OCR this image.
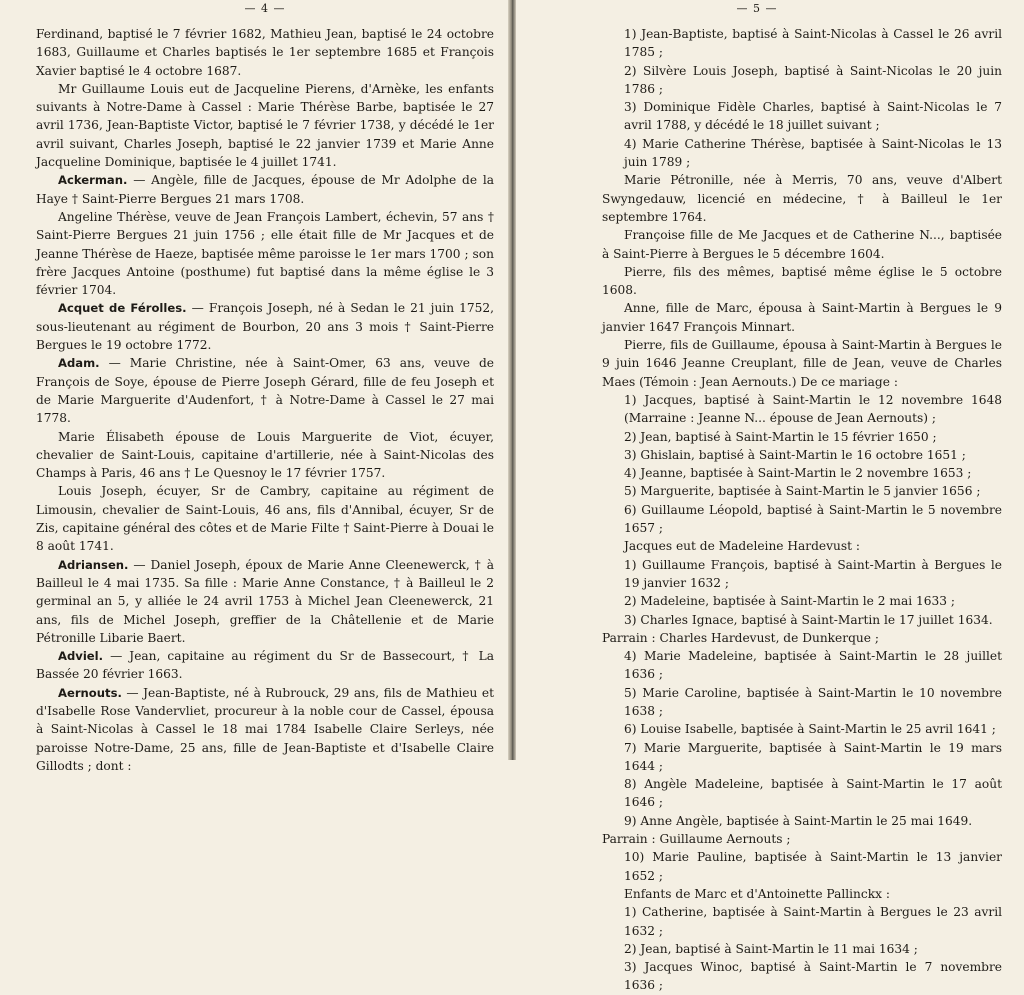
— 4 —

Ferdinand, baptisé le 7 février 1682, Mathieu Jean, baptisé le 24 octobre 1683, Guillaume et Charles baptisés le 1er septembre 1685 et François Xavier baptisé le 4 octobre 1687.

Mr Guillaume Louis eut de Jacqueline Pierens, d'Arnèke, les enfants suivants à Notre-Dame à Cassel : Marie Thérèse Barbe, baptisée le 27 avril 1736, Jean-Baptiste Victor, baptisé le 7 février 1738, y décédé le 1er avril suivant, Charles Joseph, baptisé le 22 janvier 1739 et Marie Anne Jacqueline Dominique, baptisée le 4 juillet 1741.

Ackerman. — Angèle, fille de Jacques, épouse de Mr Adolphe de la Haye † Saint-Pierre Bergues 21 mars 1708.

Angeline Thérèse, veuve de Jean François Lambert, échevin, 57 ans † Saint-Pierre Bergues 21 juin 1756 ; elle était fille de Mr Jacques et de Jeanne Thérèse de Haeze, baptisée même paroisse le 1er mars 1700 ; son frère Jacques Antoine (posthume) fut baptisé dans la même église le 3 février 1704.

Acquet de Férolles. — François Joseph, né à Sedan le 21 juin 1752, sous-lieutenant au régiment de Bourbon, 20 ans 3 mois † Saint-Pierre Bergues le 19 octobre 1772.

Adam. — Marie Christine, née à Saint-Omer, 63 ans, veuve de François de Soye, épouse de Pierre Joseph Gérard, fille de feu Joseph et de Marie Marguerite d'Audenfort, † à Notre-Dame à Cassel le 27 mai 1778.

Marie Élisabeth épouse de Louis Marguerite de Viot, écuyer, chevalier de Saint-Louis, capitaine d'artillerie, née à Saint-Nicolas des Champs à Paris, 46 ans † Le Quesnoy le 17 février 1757.

Louis Joseph, écuyer, Sr de Cambry, capitaine au régiment de Limousin, chevalier de Saint-Louis, 46 ans, fils d'Annibal, écuyer, Sr de Zis, capitaine général des côtes et de Marie Filte † Saint-Pierre à Douai le 8 août 1741.

Adriansen. — Daniel Joseph, époux de Marie Anne Cleenewerck, † à Bailleul le 4 mai 1735. Sa fille : Marie Anne Constance, † à Bailleul le 2 germinal an 5, y alliée le 24 avril 1753 à Michel Jean Cleenewerck, 21 ans, fils de Michel Joseph, greffier de la Châtellenie et de Marie Pétronille Libarie Baert.

Adviel. — Jean, capitaine au régiment du Sr de Bassecourt, † La Bassée 20 février 1663.

Aernouts. — Jean-Baptiste, né à Rubrouck, 29 ans, fils de Mathieu et d'Isabelle Rose Vandervliet, procureur à la noble cour de Cassel, épousa à Saint-Nicolas à Cassel le 18 mai 1784 Isabelle Claire Serleys, née paroisse Notre-Dame, 25 ans, fille de Jean-Baptiste et d'Isabelle Claire Gillodts ; dont :

— 5 —

1) Jean-Baptiste, baptisé à Saint-Nicolas à Cassel le 26 avril 1785 ;

2) Silvère Louis Joseph, baptisé à Saint-Nicolas le 20 juin 1786 ;

3) Dominique Fidèle Charles, baptisé à Saint-Nicolas le 7 avril 1788, y décédé le 18 juillet suivant ;

4) Marie Catherine Thérèse, baptisée à Saint-Nicolas le 13 juin 1789 ;

Marie Pétronille, née à Merris, 70 ans, veuve d'Albert Swyngedauw, licencié en médecine, † à Bailleul le 1er septembre 1764.

Françoise fille de Me Jacques et de Catherine N..., baptisée à Saint-Pierre à Bergues le 5 décembre 1604.

Pierre, fils des mêmes, baptisé même église le 5 octobre 1608.

Anne, fille de Marc, épousa à Saint-Martin à Bergues le 9 janvier 1647 François Minnart.

Pierre, fils de Guillaume, épousa à Saint-Martin à Bergues le 9 juin 1646 Jeanne Creuplant, fille de Jean, veuve de Charles Maes (Témoin : Jean Aernouts.) De ce mariage :

1) Jacques, baptisé à Saint-Martin le 12 novembre 1648 (Marraine : Jeanne N... épouse de Jean Aernouts) ;

2) Jean, baptisé à Saint-Martin le 15 février 1650 ;

3) Ghislain, baptisé à Saint-Martin le 16 octobre 1651 ;

4) Jeanne, baptisée à Saint-Martin le 2 novembre 1653 ;

5) Marguerite, baptisée à Saint-Martin le 5 janvier 1656 ;

6) Guillaume Léopold, baptisé à Saint-Martin le 5 novembre 1657 ;

Jacques eut de Madeleine Hardevust :

1) Guillaume François, baptisé à Saint-Martin à Bergues le 19 janvier 1632 ;

2) Madeleine, baptisée à Saint-Martin le 2 mai 1633 ;

3) Charles Ignace, baptisé à Saint-Martin le 17 juillet 1634.

Parrain : Charles Hardevust, de Dunkerque ;

4) Marie Madeleine, baptisée à Saint-Martin le 28 juillet 1636 ;

5) Marie Caroline, baptisée à Saint-Martin le 10 novembre 1638 ;

6) Louise Isabelle, baptisée à Saint-Martin le 25 avril 1641 ;

7) Marie Marguerite, baptisée à Saint-Martin le 19 mars 1644 ;

8) Angèle Madeleine, baptisée à Saint-Martin le 17 août 1646 ;

9) Anne Angèle, baptisée à Saint-Martin le 25 mai 1649.

Parrain : Guillaume Aernouts ;

10) Marie Pauline, baptisée à Saint-Martin le 13 janvier 1652 ;

Enfants de Marc et d'Antoinette Pallinckx :

1) Catherine, baptisée à Saint-Martin à Bergues le 23 avril 1632 ;

2) Jean, baptisé à Saint-Martin le 11 mai 1634 ;

3) Jacques Winoc, baptisé à Saint-Martin le 7 novembre 1636 ;
